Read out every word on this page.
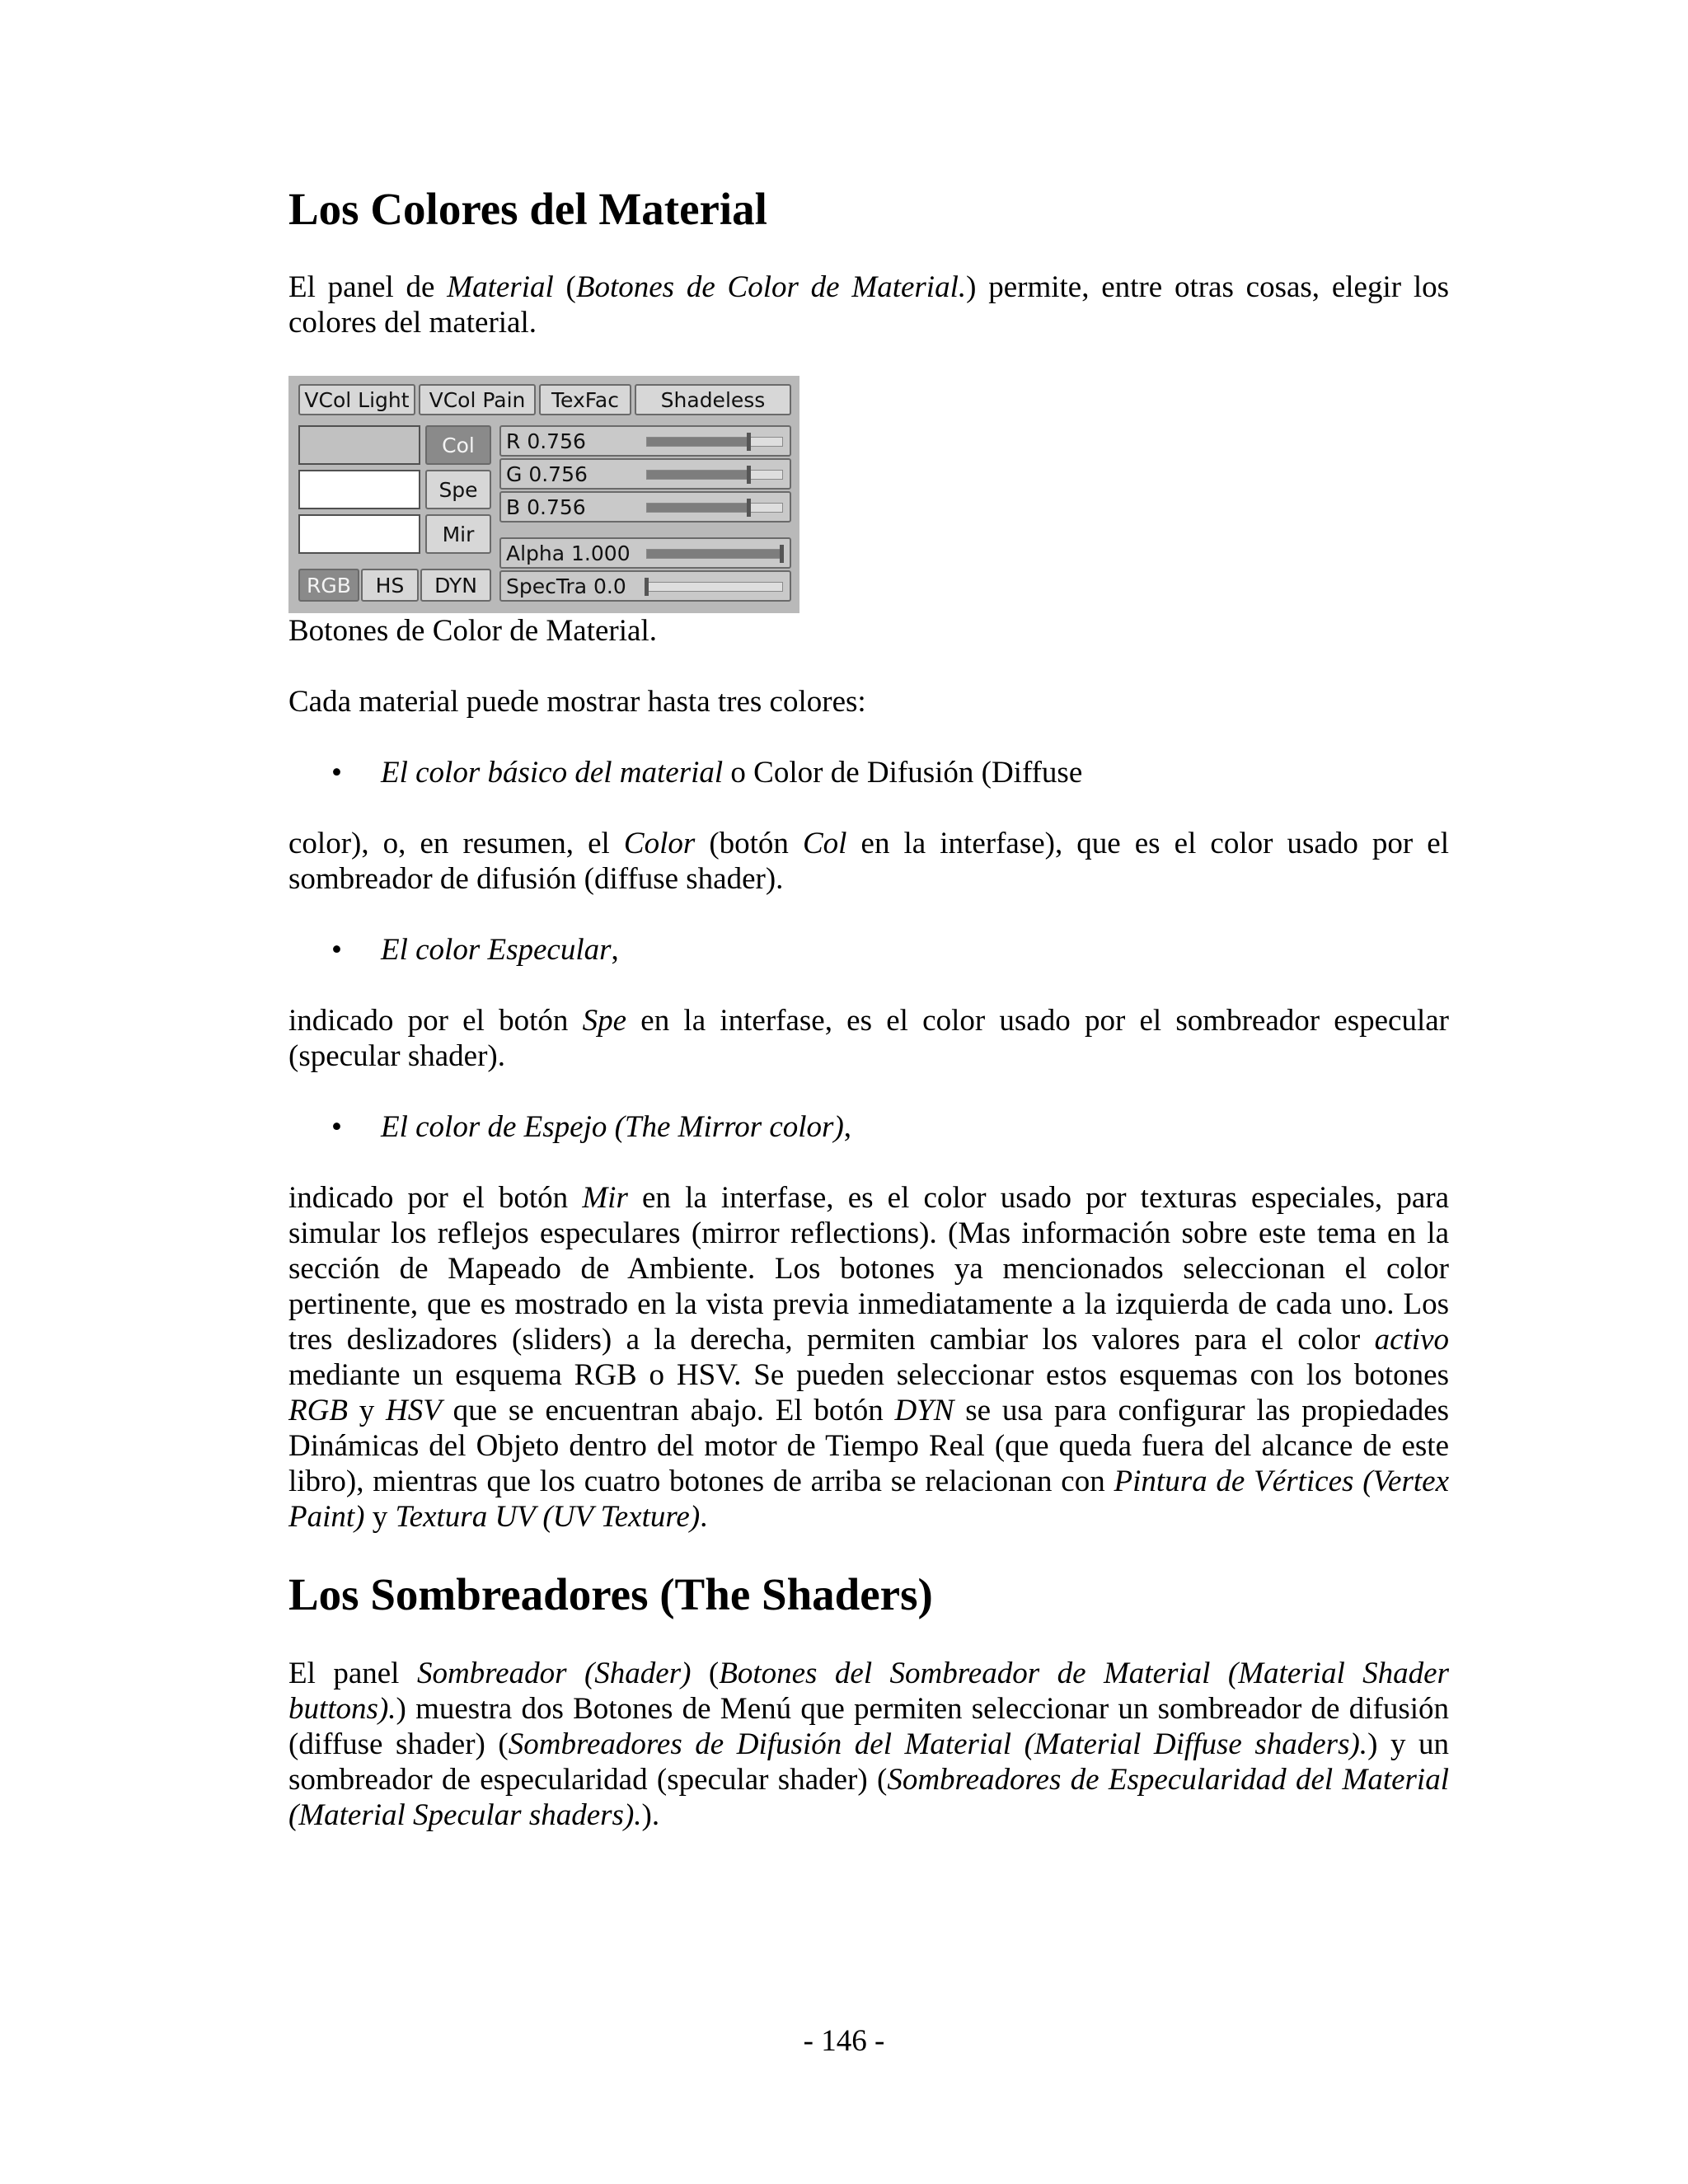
Los Colores del Material

El panel de Material (Botones de Color de Material.) permite, entre otras cosas, elegir los colores del material.

VCol Light VCol Pain	TexFac	Shadeless
Col
Spe
Mir
RGB	HS	DYN
R 0.756
G 0.756
B 0.756
Alpha 1.000
SpecTra 0.0
Botones de Color de Material.
Cada material puede mostrar hasta tres colores:
• El color básico del material o Color de Difusión (Diffuse

color), o, en resumen, el Color (botón Col en la interfase), que es el color usado por el sombreador de difusión (diffuse shader).

• El color Especular,

indicado por el botón Spe en la interfase, es el color usado por el sombreador especular (specular shader).

• El color de Espejo (The Mirror color),

indicado por el botón Mir en la interfase, es el color usado por texturas especiales, para simular los reflejos especulares (mirror reflections). (Mas información sobre este tema en la sección de Mapeado de Ambiente. Los botones ya mencionados seleccionan el color pertinente, que es mostrado en la vista previa inmediatamente a la izquierda de cada uno. Los tres deslizadores (sliders) a la derecha, permiten cambiar los valores para el color activo mediante un esquema RGB o HSV. Se pueden seleccionar estos esquemas con los botones RGB y HSV que se encuentran abajo. El botón DYN se usa para configurar las propiedades Dinámicas del Objeto dentro del motor de Tiempo Real (que queda fuera del alcance de este libro), mientras que los cuatro botones de arriba se relacionan con Pintura de Vértices (Vertex Paint) y Textura UV (UV Texture).

Los Sombreadores (The Shaders)

El panel Sombreador (Shader) (Botones del Sombreador de Material (Material Shader buttons).) muestra dos Botones de Menú que permiten seleccionar un sombreador de difusión (diffuse shader) (Sombreadores de Difusión del Material (Material Diffuse shaders).) y un sombreador de especularidad (specular shader) (Sombreadores de Especularidad del Material (Material Specular shaders).).

- 146 -
